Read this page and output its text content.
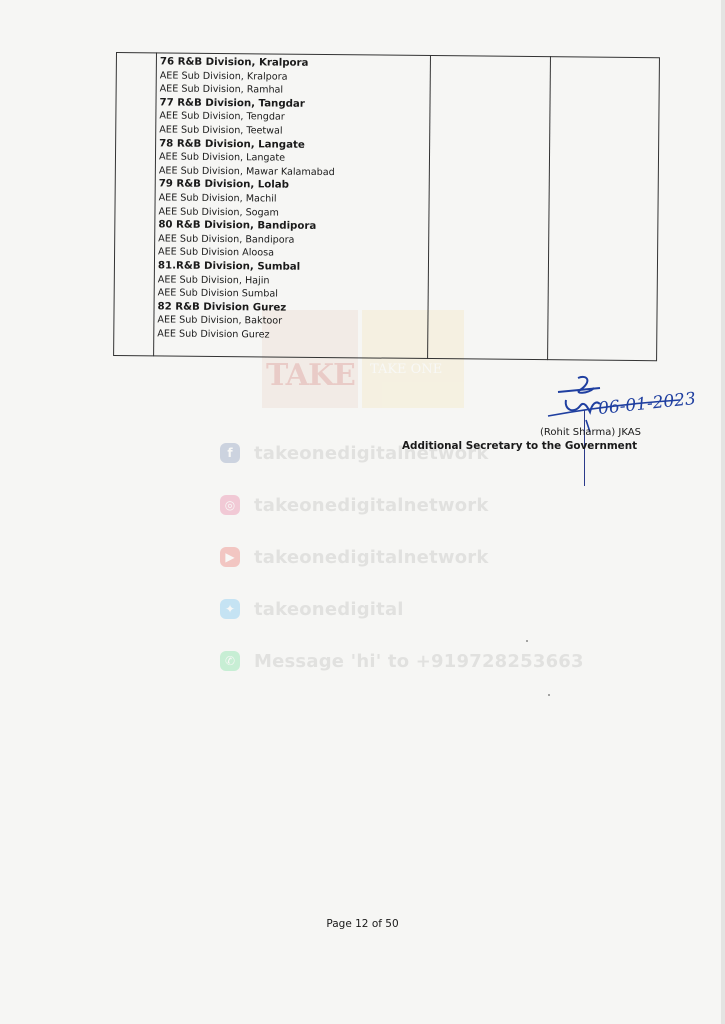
TAKE TAKE ONE
76 R&B Division, Kralpora
AEE Sub Division, Kralpora
AEE Sub Division, Ramhal
77 R&B Division, Tangdar
AEE Sub Division, Tengdar
AEE Sub Division, Teetwal
78 R&B Division, Langate
AEE Sub Division, Langate
AEE Sub Division, Mawar Kalamabad
79 R&B Division, Lolab
AEE Sub Division, Machil
AEE Sub Division, Sogam
80 R&B Division, Bandipora
AEE Sub Division, Bandipora
AEE Sub Division Aloosa
81.R&B Division, Sumbal
AEE Sub Division, Hajin
AEE Sub Division Sumbal
82 R&B Division Gurez
AEE Sub Division, Baktoor
AEE Sub Division Gurez
f	takeonedigitalnetwork
◎ takeonedigitalnetwork
▶ takeonedigitalnetwork
✦ takeonedigital
✆ Message 'hi' to +919728253663
06-01-2023
(Rohit Sharma) JKAS
Additional Secretary to the Government
Page 12 of 50
